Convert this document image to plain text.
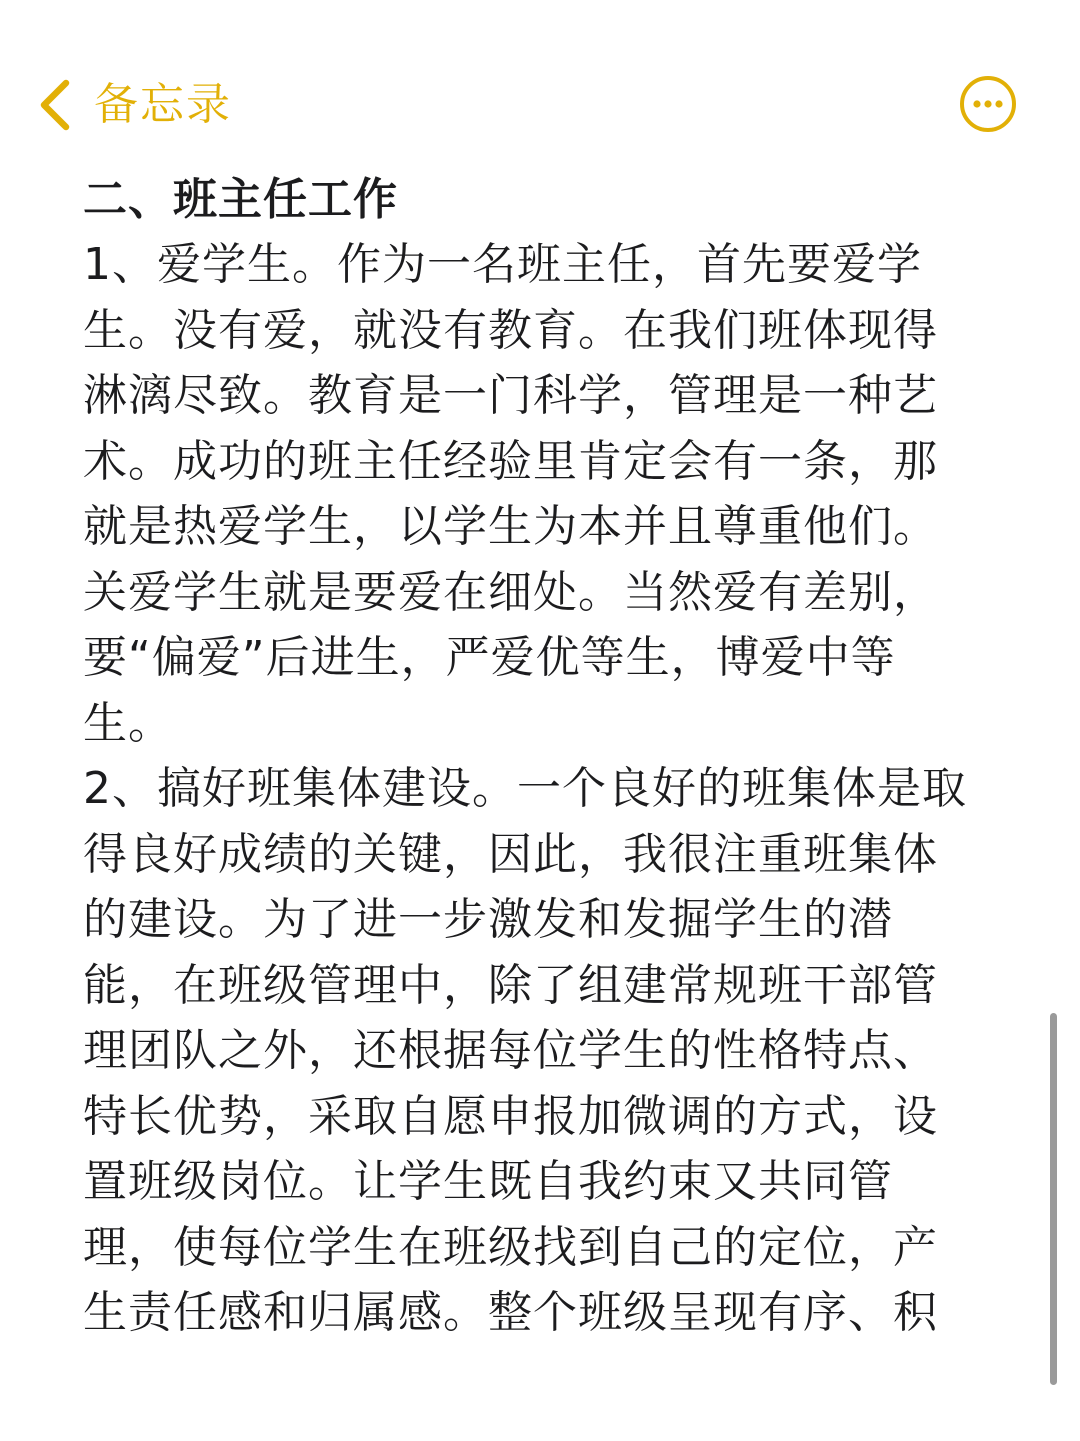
备忘录

二、班主任工作

1、爱学生。作为一名班主任，首先要爱学

生。没有爱，就没有教育。在我们班体现得

淋漓尽致。教育是一门科学，管理是一种艺

术。成功的班主任经验里肯定会有一条，那

就是热爱学生，以学生为本并且尊重他们。

关爱学生就是要爱在细处。当然爱有差别，

要“偏爱”后进生，严爱优等生，博爱中等

生。

2、搞好班集体建设。一个良好的班集体是取

得良好成绩的关键，因此，我很注重班集体

的建设。为了进一步激发和发掘学生的潜

能，在班级管理中，除了组建常规班干部管

理团队之外，还根据每位学生的性格特点、

特长优势，采取自愿申报加微调的方式，设

置班级岗位。让学生既自我约束又共同管

理，使每位学生在班级找到自己的定位，产

生责任感和归属感。整个班级呈现有序、积
